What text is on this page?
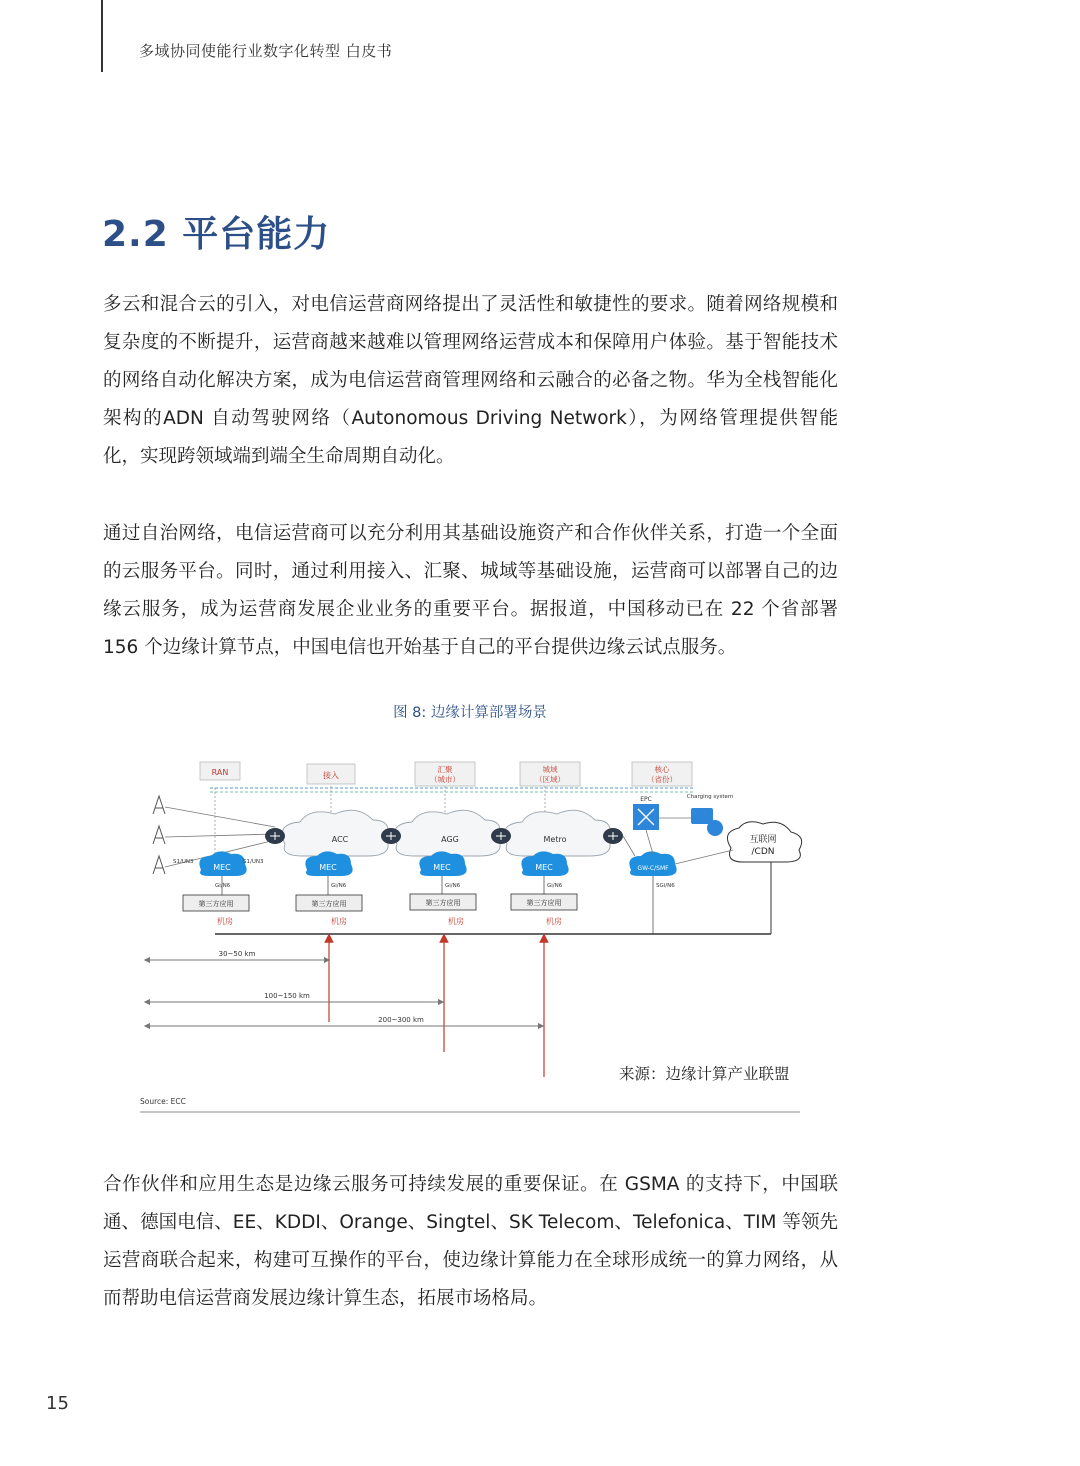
多域协同使能行业数字化转型 白皮书
2.2 平台能力

多云和混合云的引入，对电信运营商网络提出了灵活性和敏捷性的要求。随着网络规模和复杂度的不断提升，运营商越来越难以管理网络运营成本和保障用户体验。基于智能技术的网络自动化解决方案，成为电信运营商管理网络和云融合的必备之物。华为全栈智能化架构的ADN 自动驾驶网络（Autonomous Driving Network），为网络管理提供智能化，实现跨领域端到端全生命周期自动化。

通过自治网络，电信运营商可以充分利用其基础设施资产和合作伙伴关系，打造一个全面的云服务平台。同时，通过利用接入、汇聚、城域等基础设施，运营商可以部署自己的边缘云服务，成为运营商发展企业业务的重要平台。据报道，中国移动已在 22 个省部署 156 个边缘计算节点，中国电信也开始基于自己的平台提供边缘云试点服务。

图 8: 边缘计算部署场景
RAN	接入
汇聚
（城市）
城域
（区域）
核心
（省份）
ACC	AGG	Metro
EPC	Charging system
互联网
/CDN
MEC	MEC	MEC	MEC	GW-C/SMF
S1/UN3	S1/UN3
Gi/N6	Gi/N6	Gi/N6	Gi/N6	SGi/N6
第三方应用	第三方应用	第三方应用	第三方应用
机房	机房	机房	机房
30~50 km
100~150 km
200~300 km
Source: ECC
来源：边缘计算产业联盟

合作伙伴和应用生态是边缘云服务可持续发展的重要保证。在 GSMA 的支持下，中国联通、德国电信、EE、KDDI、Orange、Singtel、SK Telecom、Telefonica、TIM 等领先运营商联合起来，构建可互操作的平台，使边缘计算能力在全球形成统一的算力网络，从而帮助电信运营商发展边缘计算生态，拓展市场格局。

15
